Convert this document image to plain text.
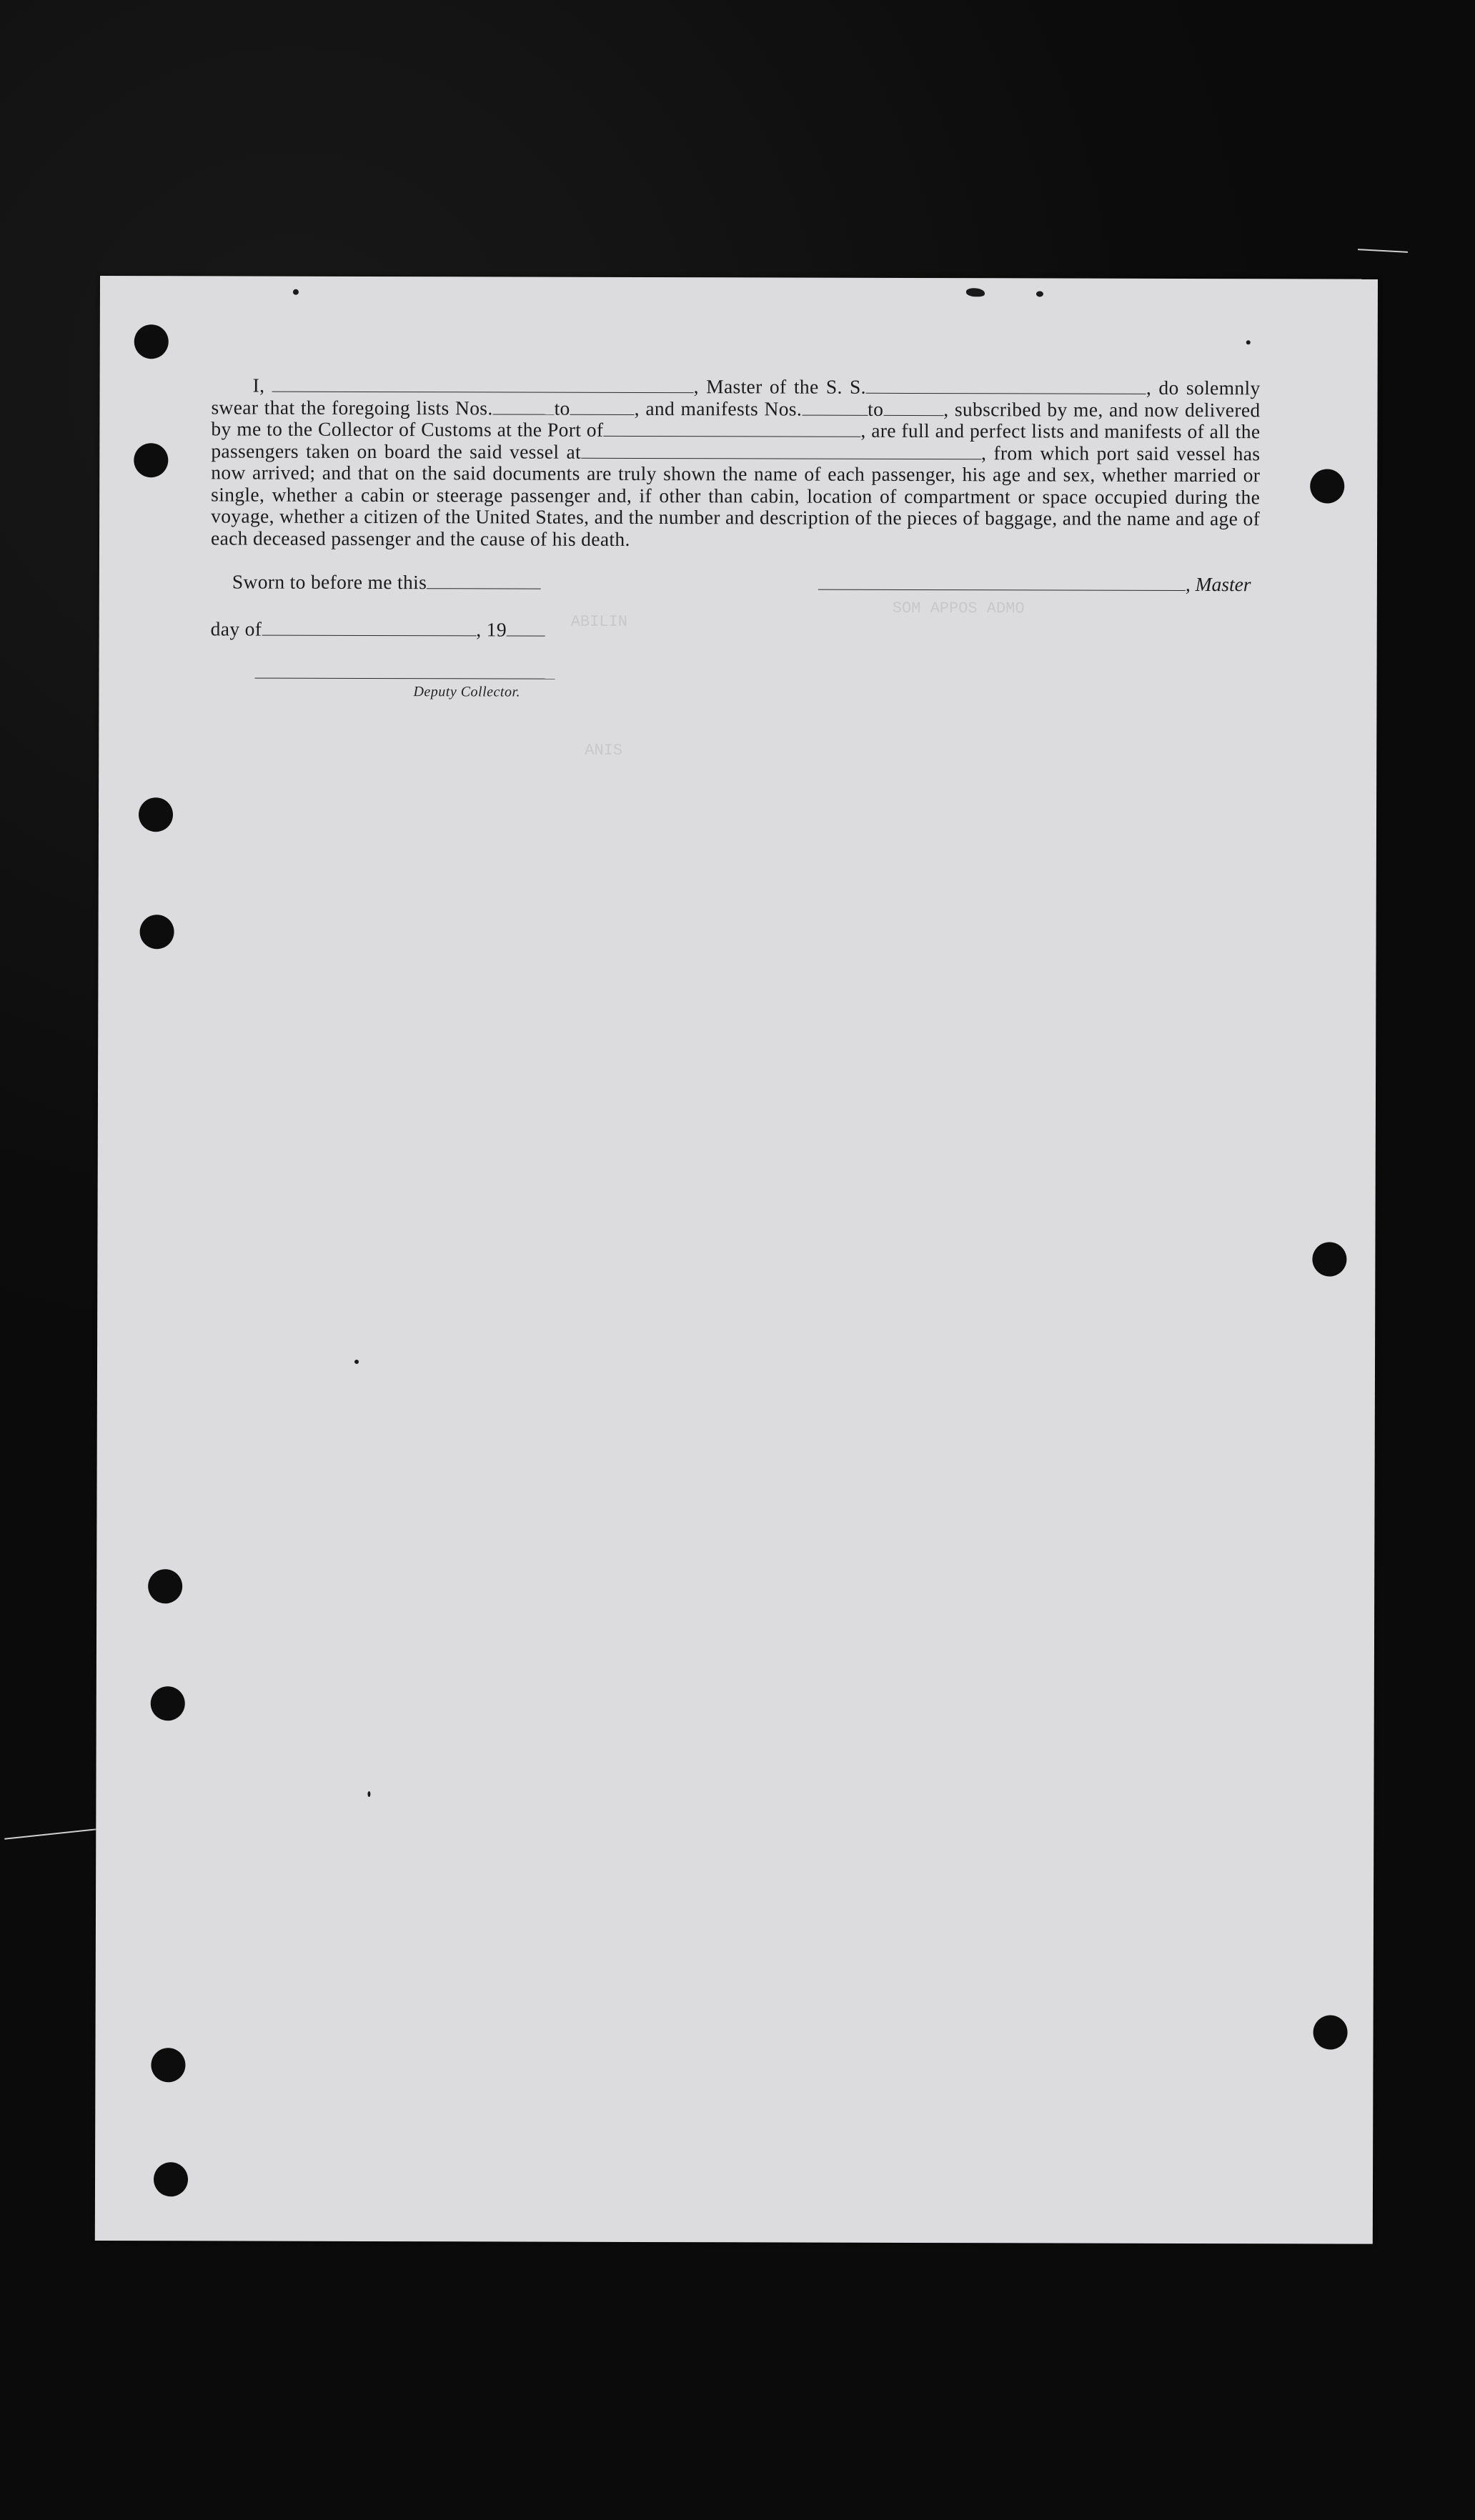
SOM APPOS ADMO
ABILIN
ANIS

I,	, Master of the S. S.	, do solemnly swear that the foregoing lists Nos.	to	, and manifests Nos.	to	, subscribed by me, and now delivered by me to the Collector of Customs at the Port of	, are full and perfect lists and manifests of all the passengers taken on board the said vessel at	, from which port said vessel has now arrived; and that on the said documents are truly shown the name of each passenger, his age and sex, whether married or single, whether a cabin or steerage passenger and, if other than cabin, location of compartment or space occupied during the voyage, whether a citizen of the United States, and the number and description of the pieces of baggage, and the name and age of each deceased passenger and the cause of his death.

Sworn to before me this	, Master
day of	, 19
Deputy Collector.
